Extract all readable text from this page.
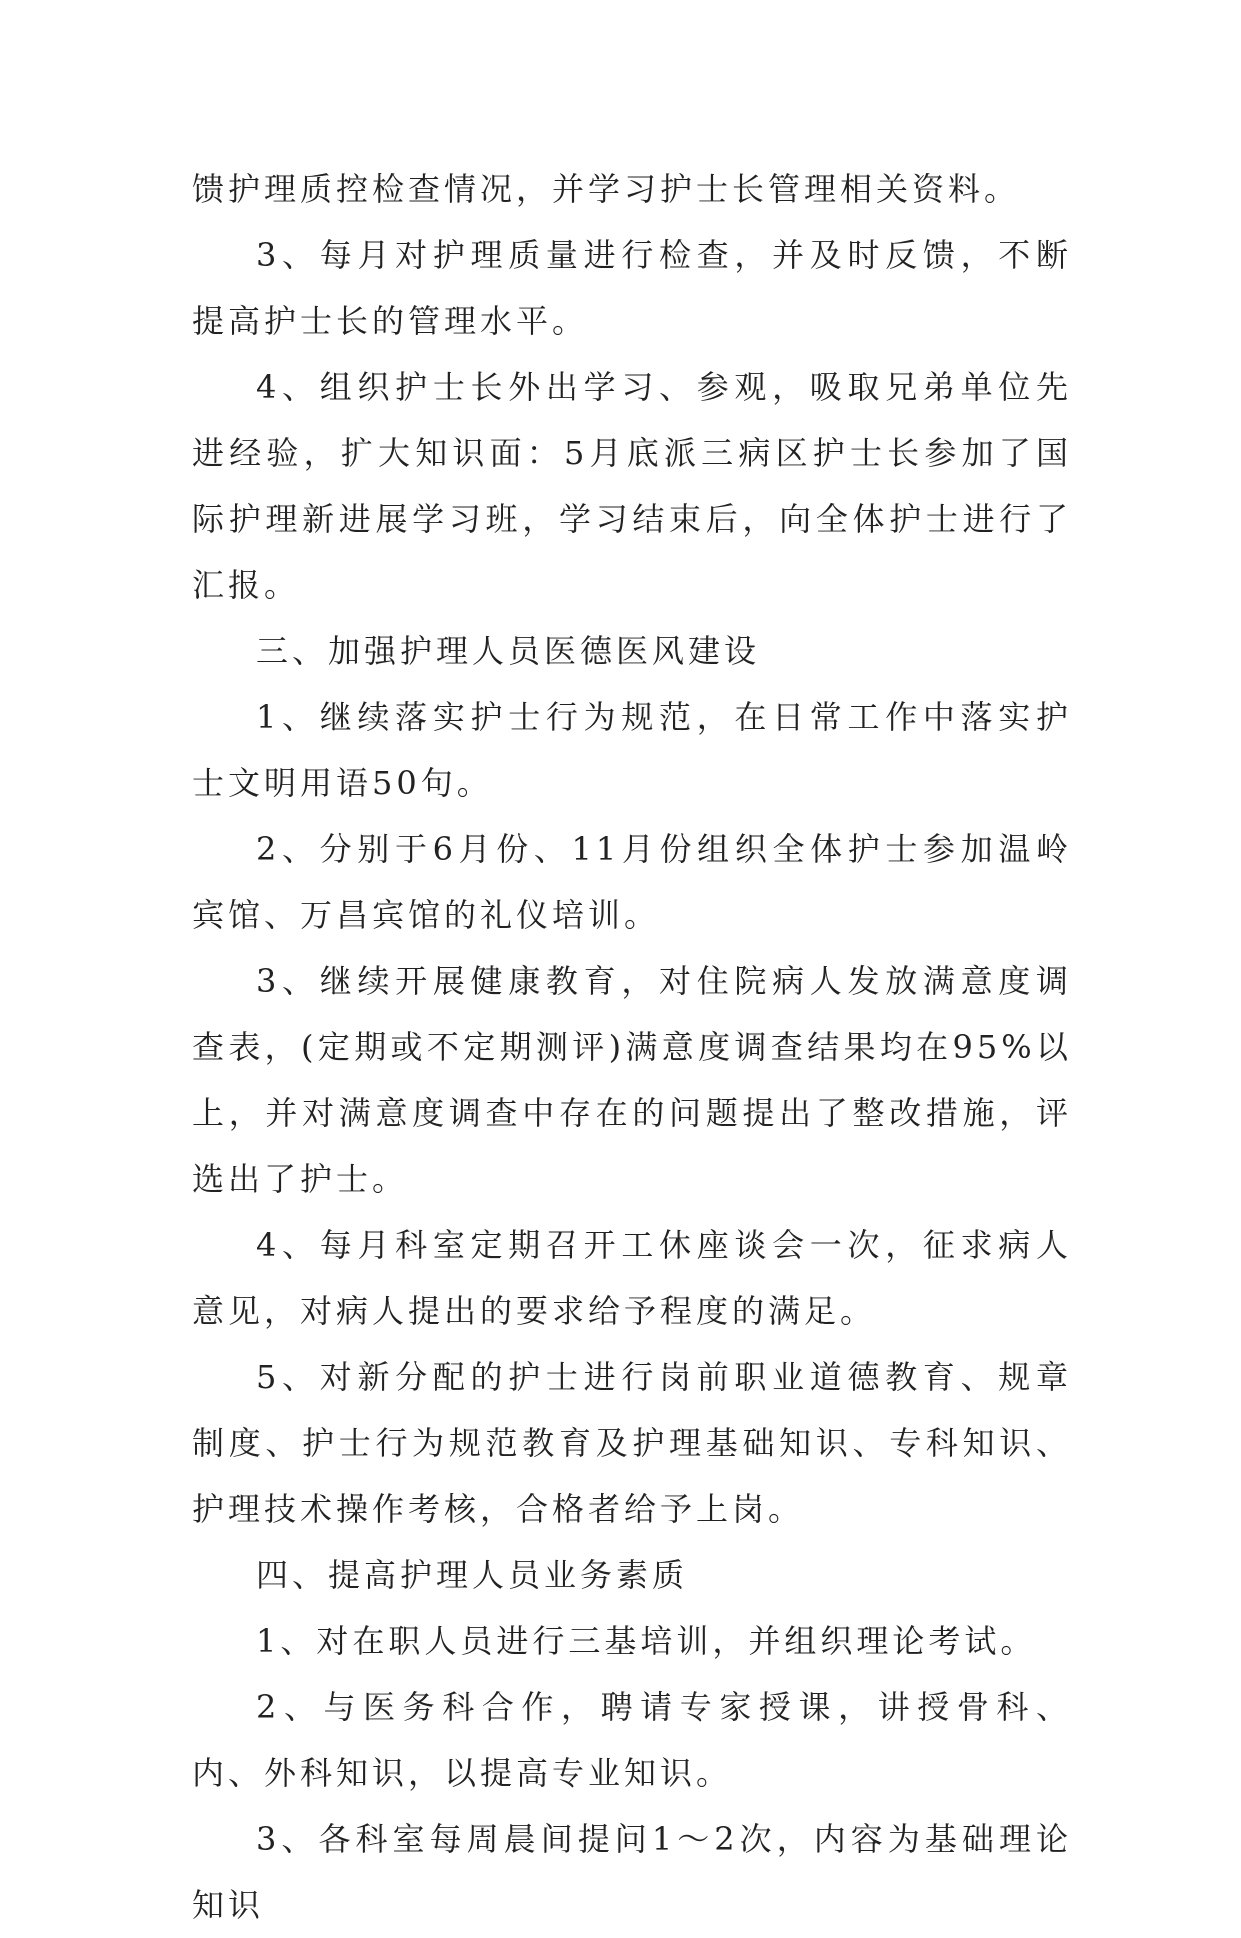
馈护理质控检查情况，并学习护士长管理相关资料。

3、每月对护理质量进行检查，并及时反馈，不断提高护士长的管理水平。

4、组织护士长外出学习、参观，吸取兄弟单位先进经验，扩大知识面：5月底派三病区护士长参加了国际护理新进展学习班，学习结束后，向全体护士进行了汇报。

三、加强护理人员医德医风建设

1、继续落实护士行为规范，在日常工作中落实护士文明用语50句。

2、分别于6月份、11月份组织全体护士参加温岭宾馆、万昌宾馆的礼仪培训。

3、继续开展健康教育，对住院病人发放满意度调查表，(定期或不定期测评)满意度调查结果均在95%以上，并对满意度调查中存在的问题提出了整改措施，评选出了护士。

4、每月科室定期召开工休座谈会一次，征求病人意见，对病人提出的要求给予程度的满足。

5、对新分配的护士进行岗前职业道德教育、规章制度、护士行为规范教育及护理基础知识、专科知识、护理技术操作考核，合格者给予上岗。

四、提高护理人员业务素质

1、对在职人员进行三基培训，并组织理论考试。

2、与医务科合作，聘请专家授课，讲授骨科、内、外科知识，以提高专业知识。

3、各科室每周晨间提问1～2次，内容为基础理论知识
